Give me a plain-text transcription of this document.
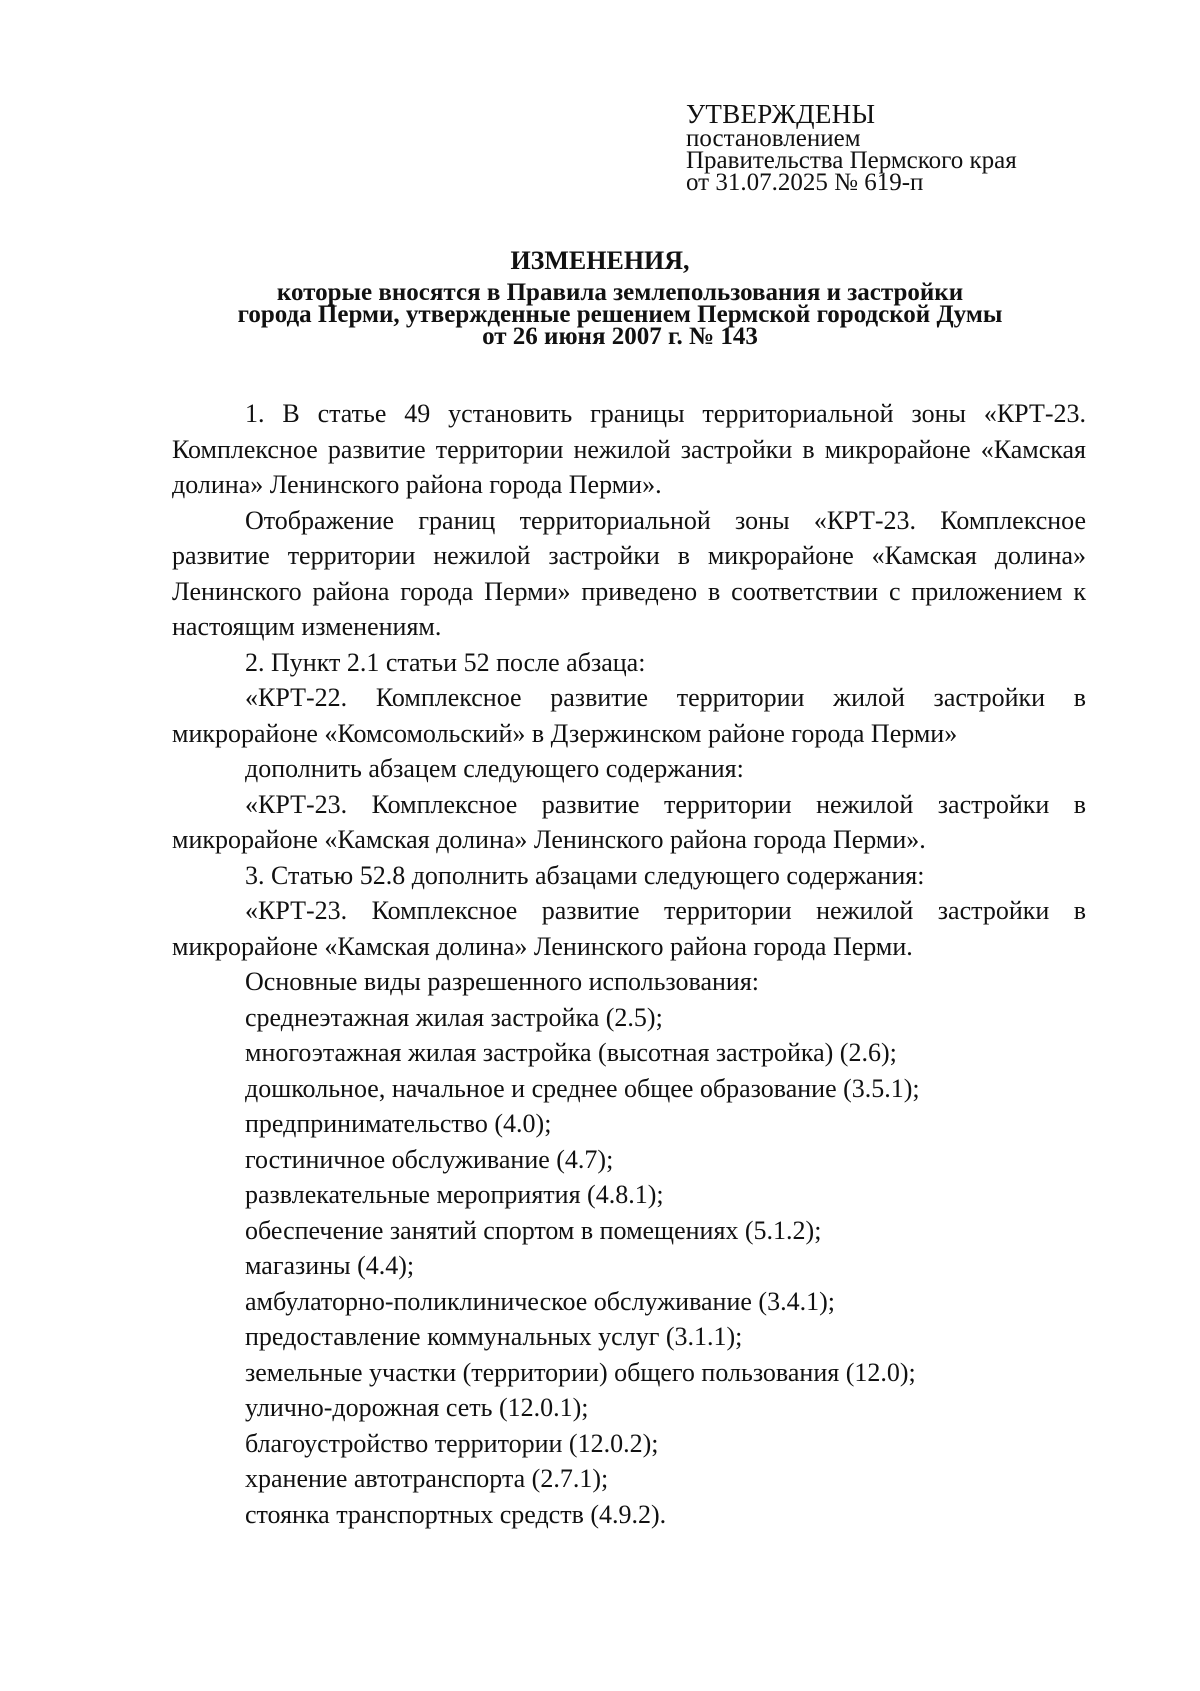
УТВЕРЖДЕНЫ
постановлением
Правительства Пермского края
от 31.07.2025 № 619-п
ИЗМЕНЕНИЯ,
которые вносятся в Правила землепользования и застройки
города Перми, утвержденные решением Пермской городской Думы
от 26 июня 2007 г. № 143

1. В статье 49 установить границы территориальной зоны «КРТ-23. Комплексное развитие территории нежилой застройки в микрорайоне «Камская долина» Ленинского района города Перми».

Отображение границ территориальной зоны «КРТ-23. Комплексное развитие территории нежилой застройки в микрорайоне «Камская долина» Ленинского района города Перми» приведено в соответствии с приложением к настоящим изменениям.

2. Пункт 2.1 статьи 52 после абзаца:

«КРТ-22. Комплексное развитие территории жилой застройки в микрорайоне «Комсомольский» в Дзержинском районе города Перми»

дополнить абзацем следующего содержания:

«КРТ-23. Комплексное развитие территории нежилой застройки в микрорайоне «Камская долина» Ленинского района города Перми».

3. Статью 52.8 дополнить абзацами следующего содержания:

«КРТ-23. Комплексное развитие территории нежилой застройки в микрорайоне «Камская долина» Ленинского района города Перми.

Основные виды разрешенного использования:

среднеэтажная жилая застройка (2.5);
многоэтажная жилая застройка (высотная застройка) (2.6);
дошкольное, начальное и среднее общее образование (3.5.1);
предпринимательство (4.0);
гостиничное обслуживание (4.7);
развлекательные мероприятия (4.8.1);
обеспечение занятий спортом в помещениях (5.1.2);
магазины (4.4);
амбулаторно-поликлиническое обслуживание (3.4.1);
предоставление коммунальных услуг (3.1.1);
земельные участки (территории) общего пользования (12.0);
улично-дорожная сеть (12.0.1);
благоустройство территории (12.0.2);
хранение автотранспорта (2.7.1);
стоянка транспортных средств (4.9.2).
